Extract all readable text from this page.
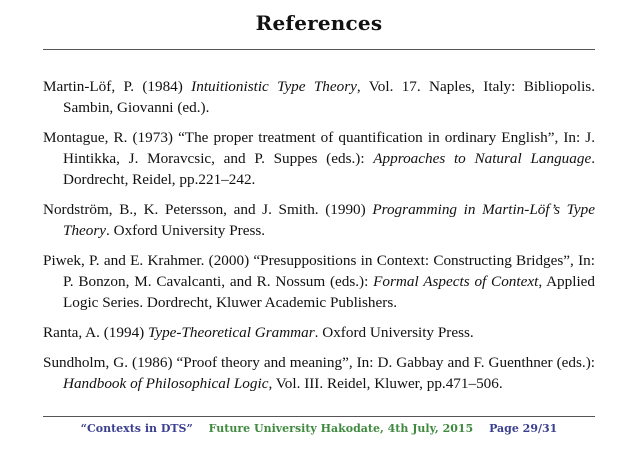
References
Martin-Löf, P. (1984) Intuitionistic Type Theory, Vol. 17. Naples, Italy: Bibliopolis. Sambin, Giovanni (ed.).
Montague, R. (1973) “The proper treatment of quantification in ordinary English”, In: J. Hintikka, J. Moravcsic, and P. Suppes (eds.): Approaches to Natural Language. Dordrecht, Reidel, pp.221–242.
Nordström, B., K. Petersson, and J. Smith. (1990) Programming in Martin-Löf’s Type Theory. Oxford University Press.
Piwek, P. and E. Krahmer. (2000) “Presuppositions in Context: Constructing Bridges”, In: P. Bonzon, M. Cavalcanti, and R. Nossum (eds.): Formal Aspects of Context, Applied Logic Series. Dordrecht, Kluwer Academic Publishers.
Ranta, A. (1994) Type-Theoretical Grammar. Oxford University Press.
Sundholm, G. (1986) “Proof theory and meaning”, In: D. Gabbay and F. Guenthner (eds.): Handbook of Philosophical Logic, Vol. III. Reidel, Kluwer, pp.471–506.
“Contexts in DTS” Future University Hakodate, 4th July, 2015 Page 29/31
